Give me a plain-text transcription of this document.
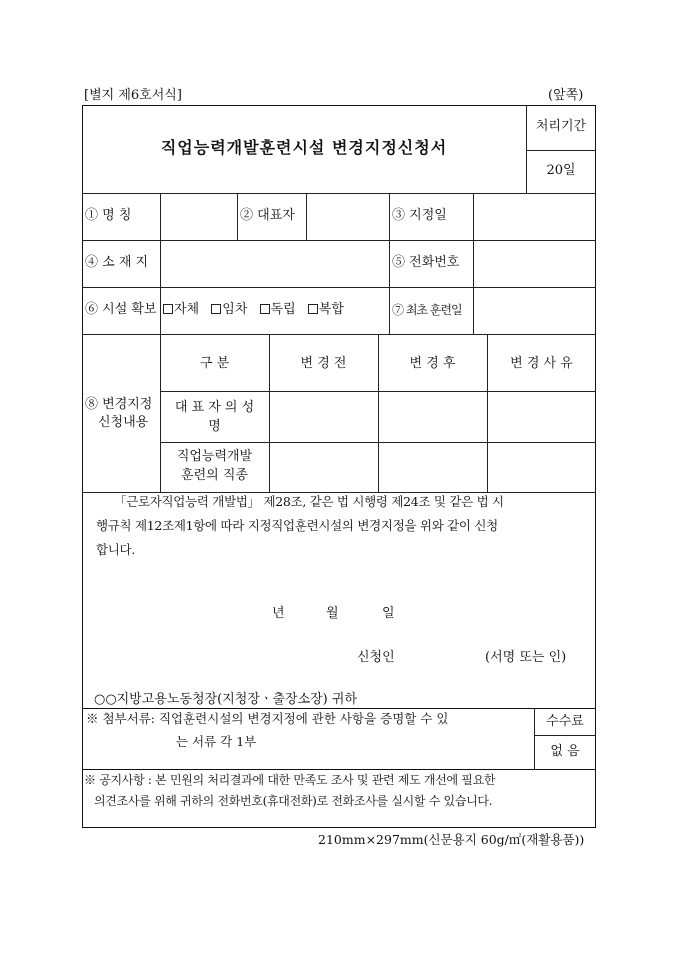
[별지 제6호서식]	(앞쪽)
직업능력개발훈련시설 변경지정신청서
처리기간
20일
① 명 칭	② 대표자	③ 지정일
④ 소 재 지	⑤ 전화번호
⑥ 시설 확보	자체 임차 독립 복합	⑦ 최초 훈련일
⑧ 변경지정
신청내용
구 분	변 경 전	변 경 후	변 경 사 유
대 표 자 의 성
명
직업능력개발
훈련의 직종
「근로자직업능력 개발법」 제28조, 같은 법 시행령 제24조 및 같은 법 시
행규칙 제12조제1항에 따라 지정직업훈련시설의 변경지정을 위와 같이 신청
합니다.
년	월	일
신청인	(서명 또는 인)
○○지방고용노동청장(지청장ㆍ출장소장) 귀하
※ 첨부서류: 직업훈련시설의 변경지정에 관한 사항을 증명할 수 있
는 서류 각 1부
수수료
없 음
※ 공지사항 : 본 민원의 처리결과에 대한 만족도 조사 및 관련 제도 개선에 필요한
의견조사를 위해 귀하의 전화번호(휴대전화)로 전화조사를 실시할 수 있습니다.
210mm×297mm(신문용지 60g/㎡(재활용품))
